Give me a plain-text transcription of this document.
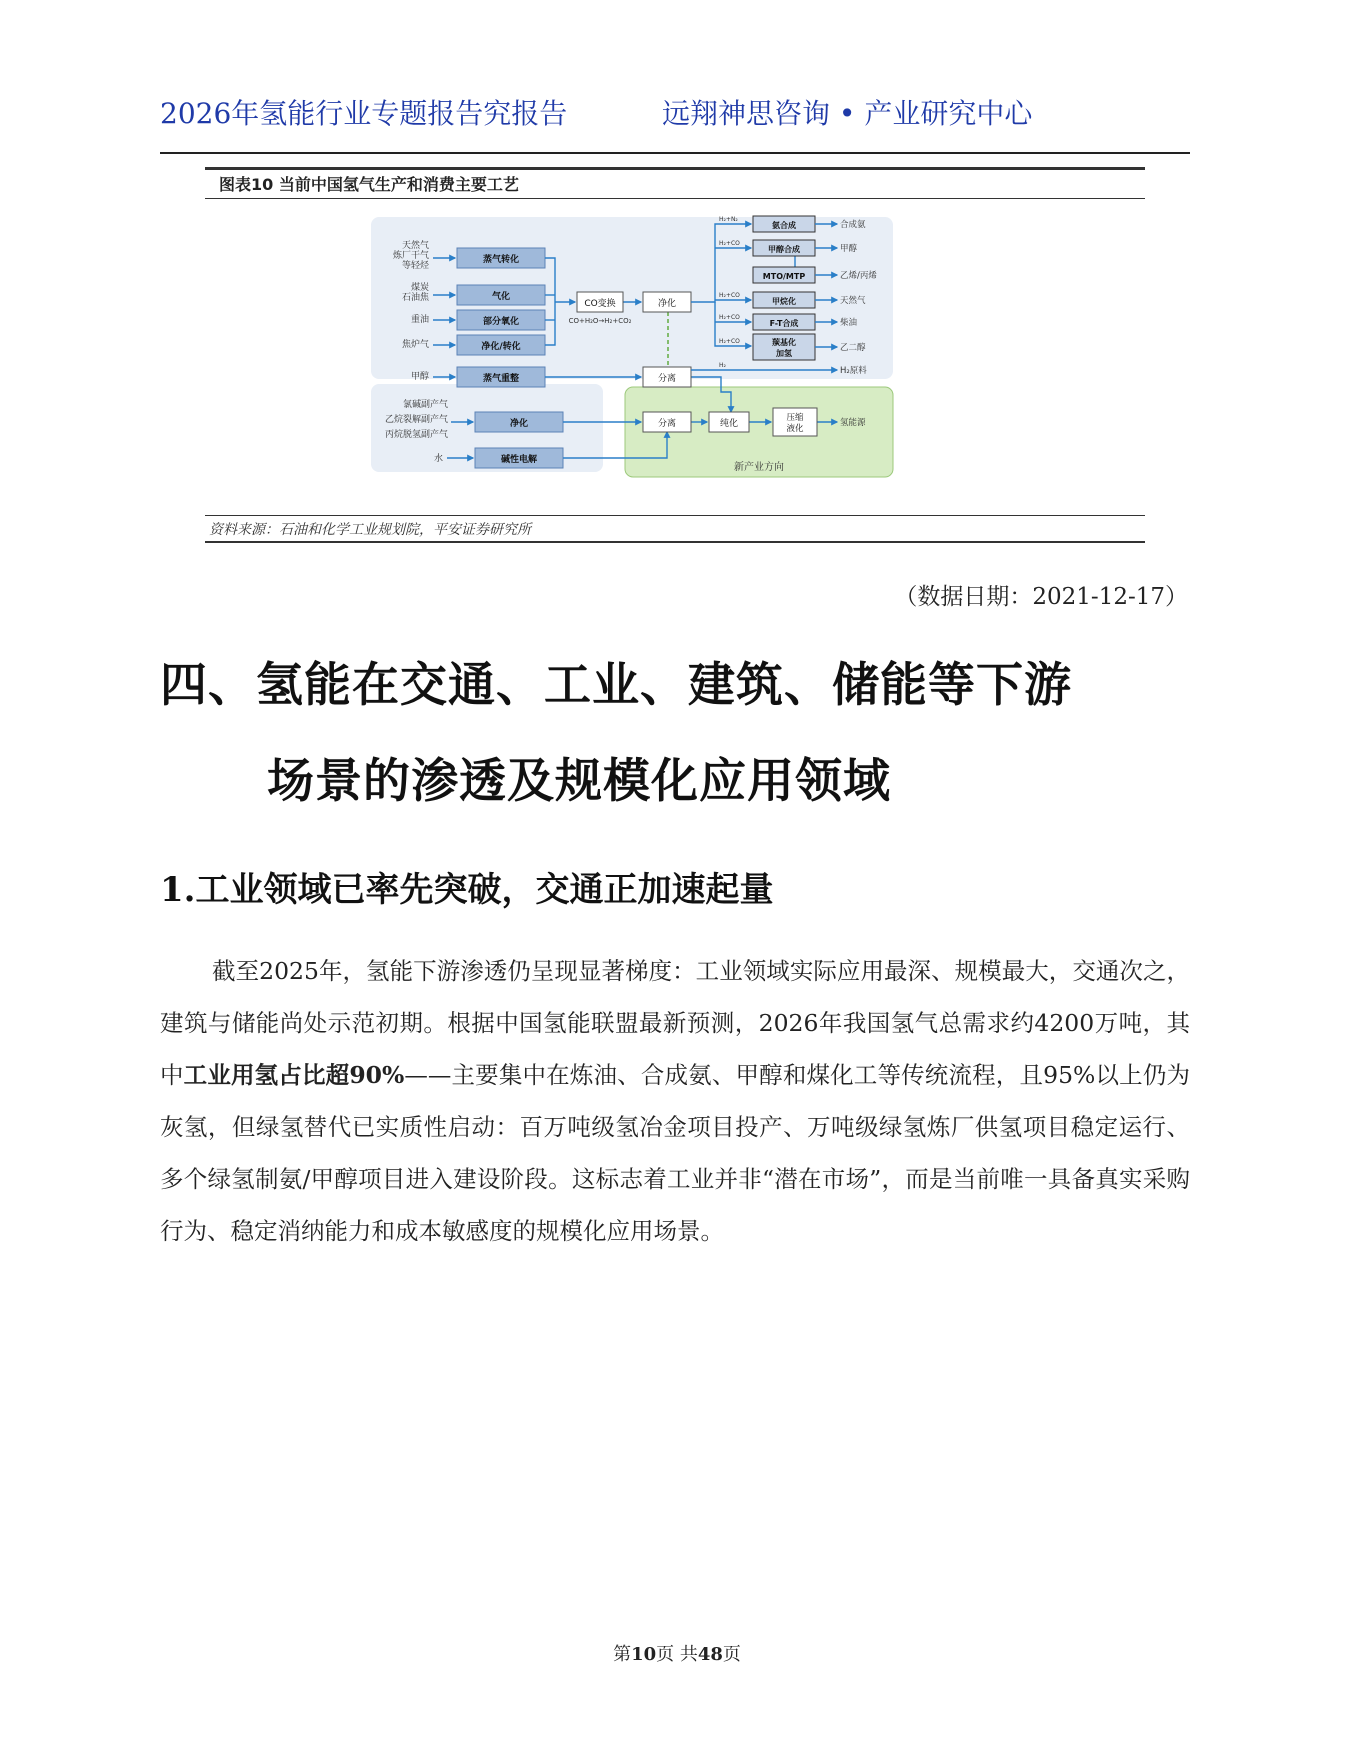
2026年氢能行业专题报告究报告	远翔神思咨询 • 产业研究中心
图表10 当前中国氢气生产和消费主要工艺
新产业方向
天然气
炼厂干气
等轻烃
煤炭
石油焦
重油
焦炉气
甲醇
氯碱副产气
乙烷裂解副产气
丙烷脱氢副产气
水
蒸气转化
气化
部分氧化
净化/转化
蒸气重整
净化
碱性电解
CO变换
CO+H₂O→H₂+CO₂
净化
分离
分离	纯化
压缩
液化
H₂+N₂
H₂+CO
H₂+CO
H₂+CO
H₂+CO
H₂
氨合成
甲醇合成
MTO/MTP
甲烷化
F-T合成
羰基化
加氢
合成氨
甲醇
乙烯/丙烯
天然气
柴油
乙二醇
H₂原料
氢能源
资料来源：石油和化学工业规划院，平安证券研究所
（数据日期：2021-12-17）
四、氢能在交通、工业、建筑、储能等下游
场景的渗透及规模化应用领域
1.工业领域已率先突破，交通正加速起量
截至2025年，氢能下游渗透仍呈现显著梯度：工业领域实际应用最深、规模最大，交通次之，建筑与储能尚处示范初期。根据中国氢能联盟最新预测，2026年我国氢气总需求约4200万吨，其中工业用氢占比超90%——主要集中在炼油、合成氨、甲醇和煤化工等传统流程，且95%以上仍为灰氢，但绿氢替代已实质性启动：百万吨级氢冶金项目投产、万吨级绿氢炼厂供氢项目稳定运行、多个绿氢制氨/甲醇项目进入建设阶段。这标志着工业并非“潜在市场”，而是当前唯一具备真实采购行为、稳定消纳能力和成本敏感度的规模化应用场景。
第10页 共48页
